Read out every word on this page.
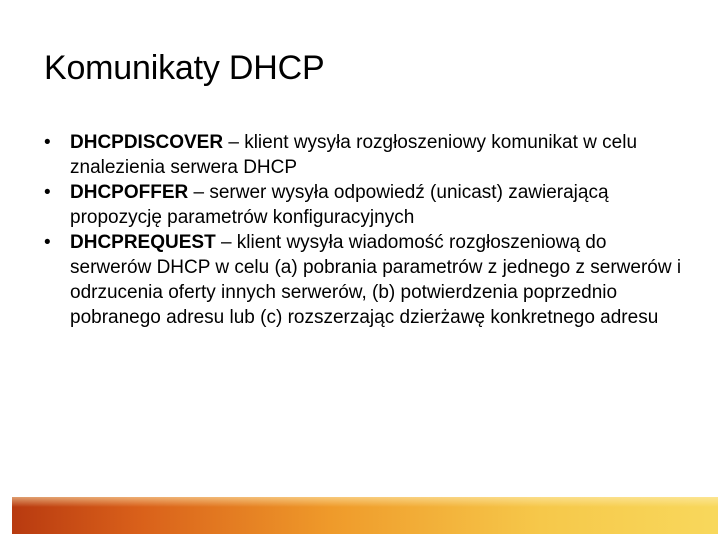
Komunikaty DHCP
•	DHCPDISCOVER – klient wysyła rozgłoszeniowy komunikat w celu znalezienia serwera DHCP
•	DHCPOFFER – serwer wysyła odpowiedź (unicast) zawierającą propozycję parametrów konfiguracyjnych
•	DHCPREQUEST – klient wysyła wiadomość rozgłoszeniową do serwerów DHCP w celu (a) pobrania parametrów z jednego z serwerów i odrzucenia oferty innych serwerów, (b) potwierdzenia poprzednio pobranego adresu lub (c) rozszerzając dzierżawę konkretnego adresu
